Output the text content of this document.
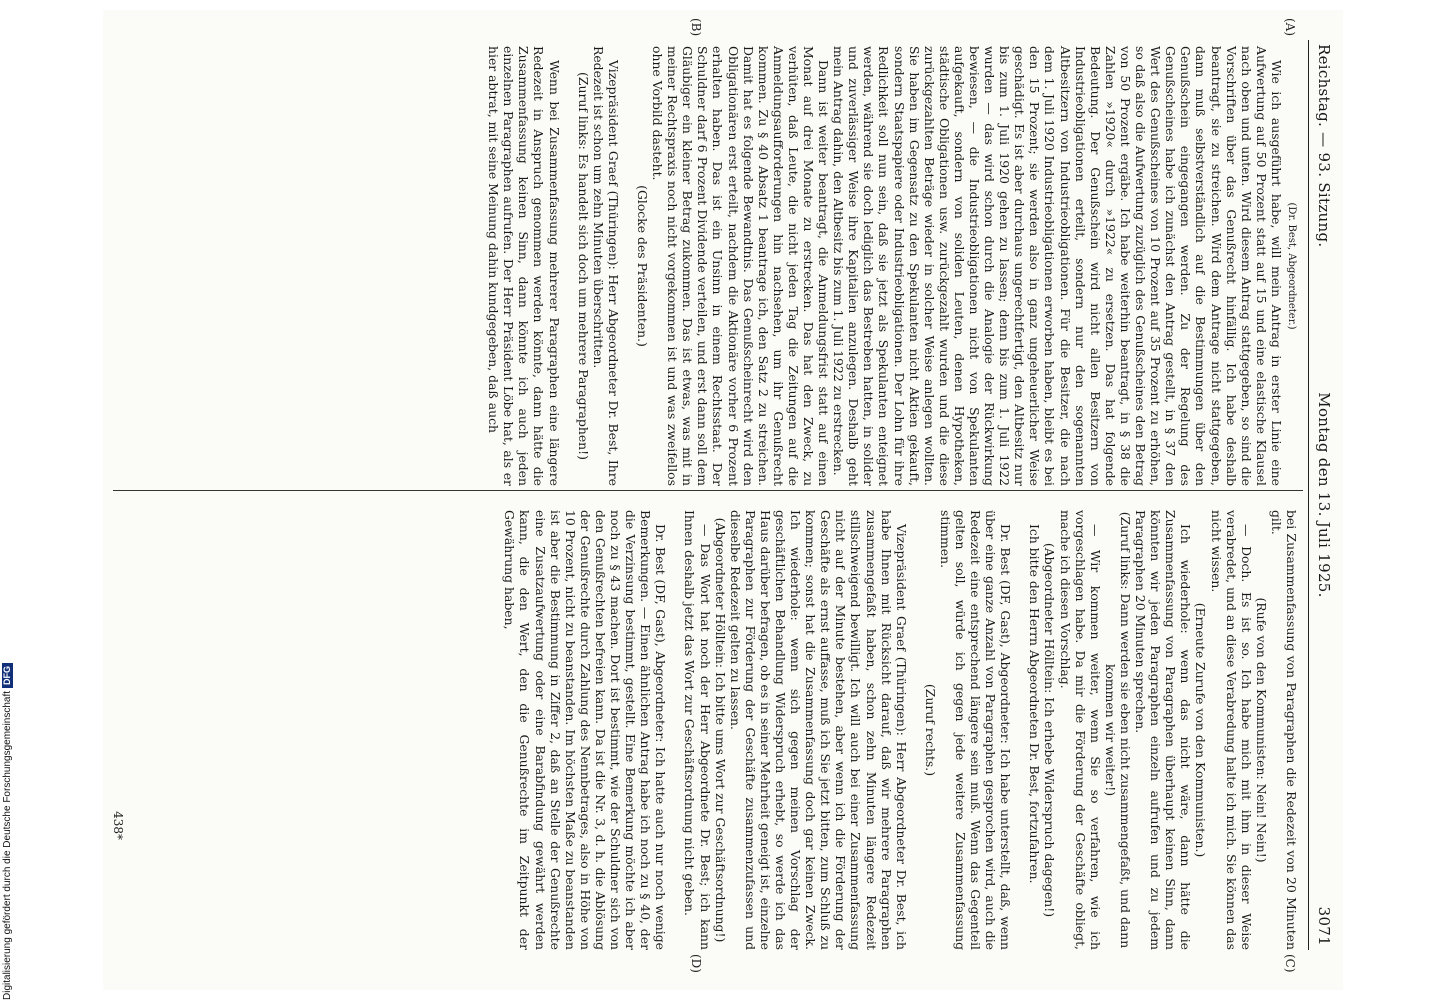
Reichstag. — 93. Sitzung.
Montag den 13. Juli 1925.
3071
(A)
(B)
(C)
(D)

(Dr. Best, Abgeordneter.)

Wie ich ausgeführt habe, will mein Antrag in erster Linie eine Aufwertung auf 50 Prozent statt auf 15 und eine elastische Klausel nach oben und unten. Wird diesem Antrag stattgegeben, so sind die Vorschriften über das Genußrecht hinfällig. Ich habe deshalb beantragt, sie zu streichen. Wird dem Antrage nicht stattgegeben, dann muß selbstverständlich auf die Bestimmungen über den Genußschein eingegangen werden. Zu der Regelung des Genußscheines habe ich zunächst den Antrag gestellt, in § 37 den Wert des Genußscheines von 10 Prozent auf 35 Prozent zu erhöhen, so daß also die Aufwertung zuzüglich des Genußscheines den Betrag von 50 Prozent ergäbe. Ich habe weiterhin beantragt, in § 38 die Zahlen »1920« durch »1922« zu ersetzen. Das hat folgende Bedeutung. Der Genußschein wird nicht allen Besitzern von Industrieobligationen erteilt, sondern nur den sogenannten Altbesitzern von Industrieobligationen. Für die Besitzer, die nach dem 1. Juli 1920 Industrieobligationen erworben haben, bleibt es bei den 15 Prozent; sie werden also in ganz ungeheuerlicher Weise geschädigt. Es ist aber durchaus ungerechtfertigt, den Altbesitz nur bis zum 1. Juli 1920 gehen zu lassen; denn bis zum 1. Juli 1922 wurden — das wird schon durch die Analogie der Rückwirkung bewiesen, — die Industrieobligationen nicht von Spekulanten aufgekauft, sondern von soliden Leuten, denen Hypotheken, städtische Obligationen usw. zurückgezahlt wurden und die diese zurückgezahlten Beträge wieder in solcher Weise anlegen wollten. Sie haben im Gegensatz zu den Spekulanten nicht Aktien gekauft, sondern Staatspapiere oder Industrieobligationen. Der Lohn für ihre Redlichkeit soll nun sein, daß sie jetzt als Spekulanten enteignet werden, während sie doch lediglich das Bestreben hatten, in solider und zuverlässiger Weise ihre Kapitalien anzulegen. Deshalb geht mein Antrag dahin, den Altbesitz bis zum 1. Juli 1922 zu erstrecken.

Dann ist weiter beantragt, die Anmeldungsfrist statt auf einen Monat auf drei Monate zu erstrecken. Das hat den Zweck, zu verhüten, daß Leute, die nicht jeden Tag die Zeitungen auf die Anmeldungsaufforderungen hin nachsehen, um ihr Genußrecht kommen. Zu § 40 Absatz 1 beantrage ich, den Satz 2 zu streichen. Damit hat es folgende Bewandtnis. Das Genußscheinrecht wird den Obligationären erst erteilt, nachdem die Aktionäre vorher 6 Prozent erhalten haben. Das ist ein Unsinn in einem Rechtsstaat. Der Schuldner darf 6 Prozent Dividende verteilen, und erst dann soll dem Gläubiger ein kleiner Betrag zukommen. Das ist etwas, was mit in meiner Rechtspraxis noch nicht vorgekommen ist und was zweifellos ohne Vorbild dasteht.

(Glocke des Präsidenten.)

Vizepräsident Graef (Thüringen): Herr Abgeordneter Dr. Best, Ihre Redezeit ist schon um zehn Minuten überschritten.

(Zuruf links: Es handelt sich doch um mehrere Paragraphen!)

Wenn bei Zusammenfassung mehrerer Paragraphen eine längere Redezeit in Anspruch genommen werden könnte, dann hätte die Zusammenfassung keinen Sinn, dann könnte ich auch jeden einzelnen Paragraphen aufrufen. Der Herr Präsident Löbe hat, als er hier abtrat, mit seine Meinung dahin kundgegeben, daß auch

bei Zusammenfassung von Paragraphen die Redezeit von 20 Minuten gilt.

(Rufe von den Kommunisten: Nein! Nein!)

— Doch. Es ist so. Ich habe mich mit ihm in dieser Weise verabredet, und an diese Verabredung halte ich mich. Sie können das nicht wissen.

(Erneute Zurufe von den Kommunisten.)

Ich wiederhole: wenn das nicht wäre, dann hätte die Zusammenfassung von Paragraphen überhaupt keinen Sinn, dann könnten wir jeden Paragraphen einzeln aufrufen und zu jedem Paragraphen 20 Minuten sprechen.

(Zuruf links: Dann werden sie eben nicht zusammengefaßt, und dann kommen wir weiter!)

— Wir kommen weiter, wenn Sie so verfahren, wie ich vorgeschlagen habe. Da mir die Förderung der Geschäfte obliegt, mache ich diesen Vorschlag.

(Abgeordneter Hölltein: Ich erhebe Widerspruch dagegen!)

Ich bitte den Herrn Abgeordneten Dr. Best, fortzufahren.

Dr. Best (DF, Gast), Abgeordneter: Ich habe unterstellt, daß, wenn über eine ganze Anzahl von Paragraphen gesprochen wird, auch die Redezeit eine entsprechend längere sein muß. Wenn das Gegenteil gelten soll, würde ich gegen jede weitere Zusammenfassung stimmen.

(Zuruf rechts.)

Vizepräsident Graef (Thüringen): Herr Abgeordneter Dr. Best, ich habe Ihnen mit Rücksicht darauf, daß wir mehrere Paragraphen zusammengefaßt haben, schon zehn Minuten längere Redezeit stillschweigend bewilligt. Ich will auch bei einer Zusammenfassung nicht auf der Minute bestehen, aber wenn ich die Förderung der Geschäfte als ernst auffasse, muß ich Sie jetzt bitten, zum Schluß zu kommen; sonst hat die Zusammenfassung doch gar keinen Zweck. Ich wiederhole: wenn sich gegen meinen Vorschlag der geschäftlichen Behandlung Widerspruch erhebt, so werde ich das Haus darüber befragen, ob es in seiner Mehrheit geneigt ist, einzelne Paragraphen zur Förderung der Geschäfte zusammenzufassen und dieselbe Redezeit gelten zu lassen.

(Abgeordneter Hölltein: Ich bitte ums Wort zur Geschäftsordnung!)

— Das Wort hat noch der Herr Abgeordnete Dr. Best; ich kann Ihnen deshalb jetzt das Wort zur Geschäftsordnung nicht geben.

Dr. Best (DF, Gast), Abgeordneter: Ich hatte auch nur noch wenige Bemerkungen. — Einen ähnlichen Antrag habe ich noch zu § 40, der die Verzinsung bestimmt, gestellt. Eine Bemerkung möchte ich aber noch zu § 43 machen. Dort ist bestimmt, wie der Schuldner sich von den Genußrechten befreien kann. Da ist die Nr. 3, d. h. die Ablösung der Genußrechte durch Zahlung des Nennbetrages, also in Höhe von 10 Prozent, nicht zu beanstanden. Im höchsten Maße zu beanstanden ist aber die Bestimmung in Ziffer 2, daß an Stelle der Genußrechte eine Zusatzaufwertung oder eine Barabfindung gewährt werden kann, die den Wert, den die Genußrechte im Zeitpunkt der Gewährung haben,

438*
Digitalisierung gefördert durch die Deutsche ForschungsgemeinschaftDFG
